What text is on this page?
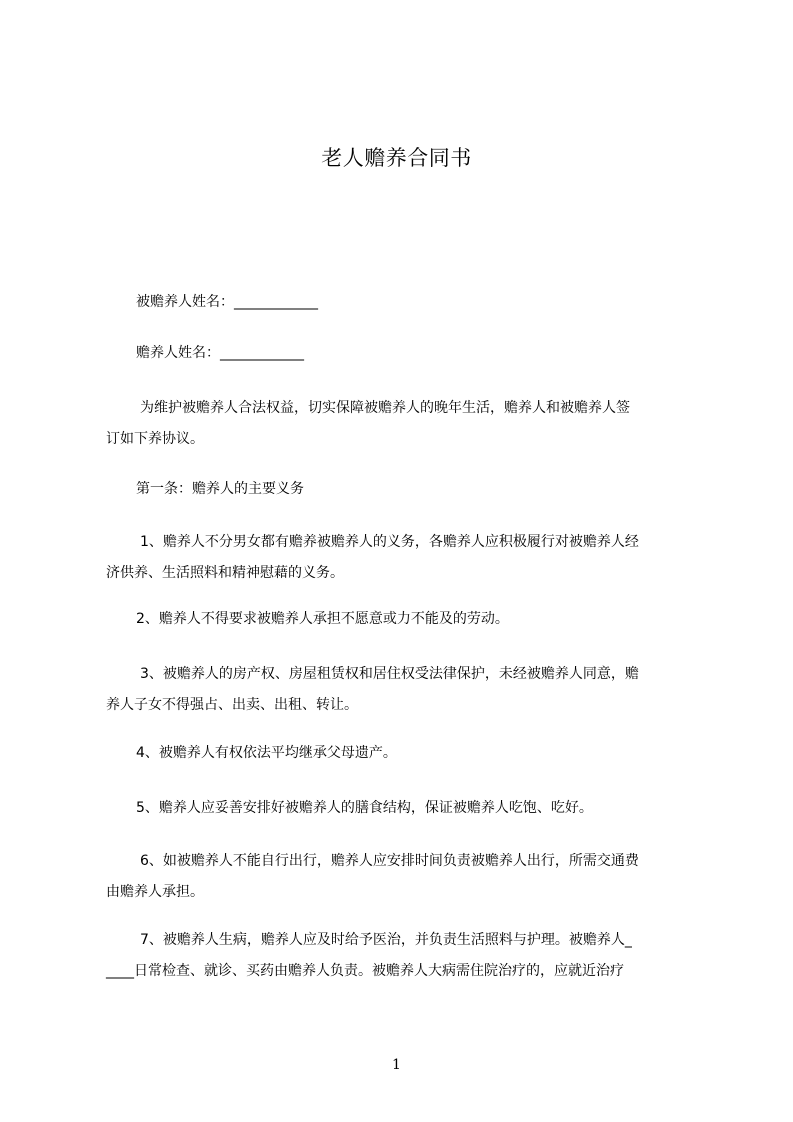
老人赡养合同书

被赡养人姓名：____________

赡养人姓名：____________

为维护被赡养人合法权益，切实保障被赡养人的晚年生活，赡养人和被赡养人签
订如下养协议。

第一条：赡养人的主要义务

1、赡养人不分男女都有赡养被赡养人的义务，各赡养人应积极履行对被赡养人经
济供养、生活照料和精神慰藉的义务。

2、赡养人不得要求被赡养人承担不愿意或力不能及的劳动。

3、被赡养人的房产权、房屋租赁权和居住权受法律保护，未经被赡养人同意，赡
养人子女不得强占、出卖、出租、转让。

4、被赡养人有权依法平均继承父母遗产。

5、赡养人应妥善安排好被赡养人的膳食结构，保证被赡养人吃饱、吃好。

6、如被赡养人不能自行出行，赡养人应安排时间负责被赡养人出行，所需交通费
由赡养人承担。

7、被赡养人生病，赡养人应及时给予医治，并负责生活照料与护理。被赡养人_
____日常检查、就诊、买药由赡养人负责。被赡养人大病需住院治疗的，应就近治疗

1
